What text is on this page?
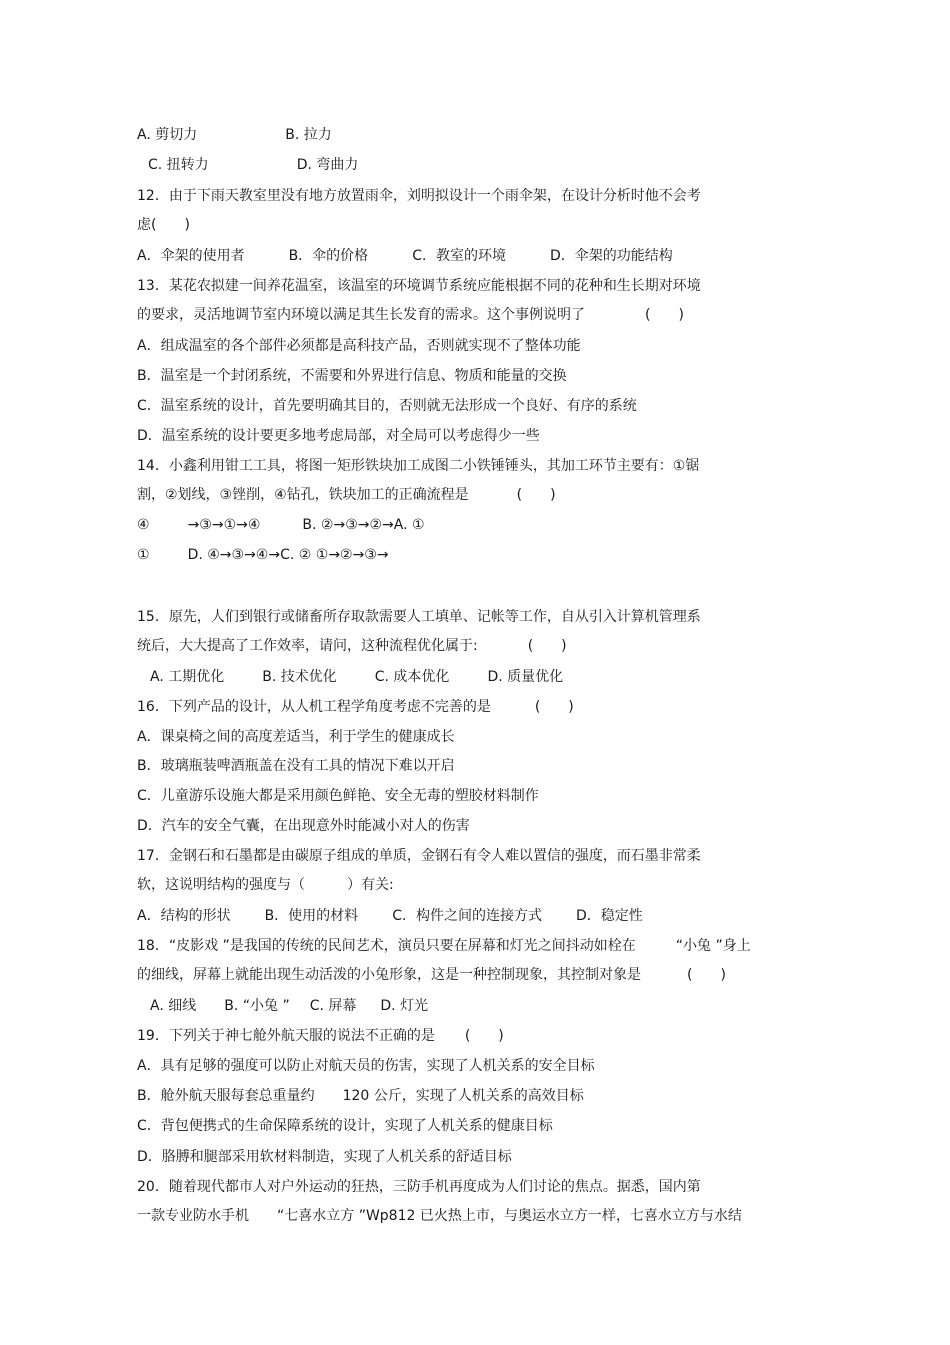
A. 剪切力	B. 拉力
C. 扭转力	D. 弯曲力
12．由于下雨天教室里没有地方放置雨伞，刘明拟设计一个雨伞架，在设计分析时他不会考
虑(　　)
A．伞架的使用者	B．伞的价格	C．教室的环境	D．伞架的功能结构
13．某花农拟建一间养花温室，该温室的环境调节系统应能根据不同的花种和生长期对环境
的要求，灵活地调节室内环境以满足其生长发育的需求。这个事例说明了	(　　)
A．组成温室的各个部件必须都是高科技产品，否则就实现不了整体功能
B．温室是一个封闭系统，不需要和外界进行信息、物质和能量的交换
C．温室系统的设计，首先要明确其目的，否则就无法形成一个良好、有序的系统
D．温室系统的设计要更多地考虑局部，对全局可以考虑得少一些
14．小鑫利用钳工工具，将图一矩形铁块加工成图二小铁锤锤头，其加工环节主要有：①锯
割，②划线，③锉削，④钻孔，铁块加工的正确流程是	(　　)
④	→③→①→④	B. ②→③→②→A. ①
①	D. ④→③→④→C. ② ①→②→③→
15．原先，人们到银行或储畜所存取款需要人工填单、记帐等工作，自从引入计算机管理系
统后，大大提高了工作效率，请问，这种流程优化属于:	(　　)
A. 工期优化	B. 技术优化	C. 成本优化	D. 质量优化
16．下列产品的设计，从人机工程学角度考虑不完善的是	(　　)
A．课桌椅之间的高度差适当，利于学生的健康成长
B．玻璃瓶装啤酒瓶盖在没有工具的情况下难以开启
C．儿童游乐设施大都是采用颜色鲜艳、安全无毒的塑胶材料制作
D．汽车的安全气囊，在出现意外时能减小对人的伤害
17．金钢石和石墨都是由碳原子组成的单质，金钢石有令人难以置信的强度，而石墨非常柔
软，这说明结构的强度与（　　　）有关:
A．结构的形状 B．使用的材料 C．构件之间的连接方式 D．稳定性
18．“皮影戏 ”是我国的传统的民间艺术，演员只要在屏幕和灯光之间抖动如栓在	“小兔 ”身上
的细线，屏幕上就能出现生动活泼的小兔形象，这是一种控制现象，其控制对象是	(　　)
A. 细线 B. “小兔 ” C. 屏幕 D. 灯光
19．下列关于神七舱外航天服的说法不正确的是 (　　)
A．具有足够的强度可以防止对航天员的伤害，实现了人机关系的安全目标
B．舱外航天服每套总重量约 120 公斤，实现了人机关系的高效目标
C．背包便携式的生命保障系统的设计，实现了人机关系的健康目标
D．胳膊和腿部采用软材料制造，实现了人机关系的舒适目标
20．随着现代都市人对户外运动的狂热，三防手机再度成为人们讨论的焦点。据悉，国内第
一款专业防水手机 “七喜水立方 ”Wp812 已火热上市，与奥运水立方一样，七喜水立方与水结
